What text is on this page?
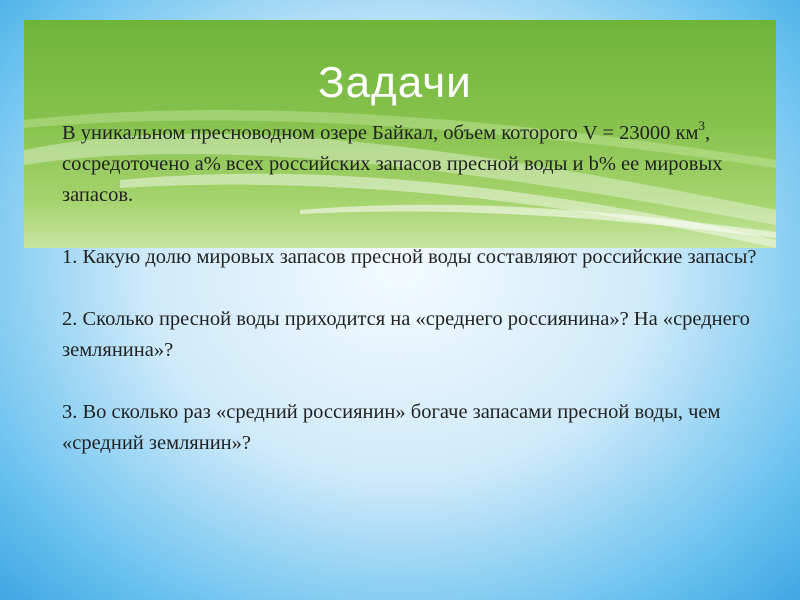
Задачи

В уникальном пресноводном озере Байкал, объем которого V = 23000 $км^3$, сосредоточено а% всех российских запасов пресной воды и b% ее мировых запасов.

1. Какую долю мировых запасов пресной воды составляют российские запасы?

2. Сколько пресной воды приходится на «среднего россиянина»? На «среднего землянина»?

3. Во сколько раз «средний россиянин» богаче запасами пресной воды, чем «средний землянин»?
